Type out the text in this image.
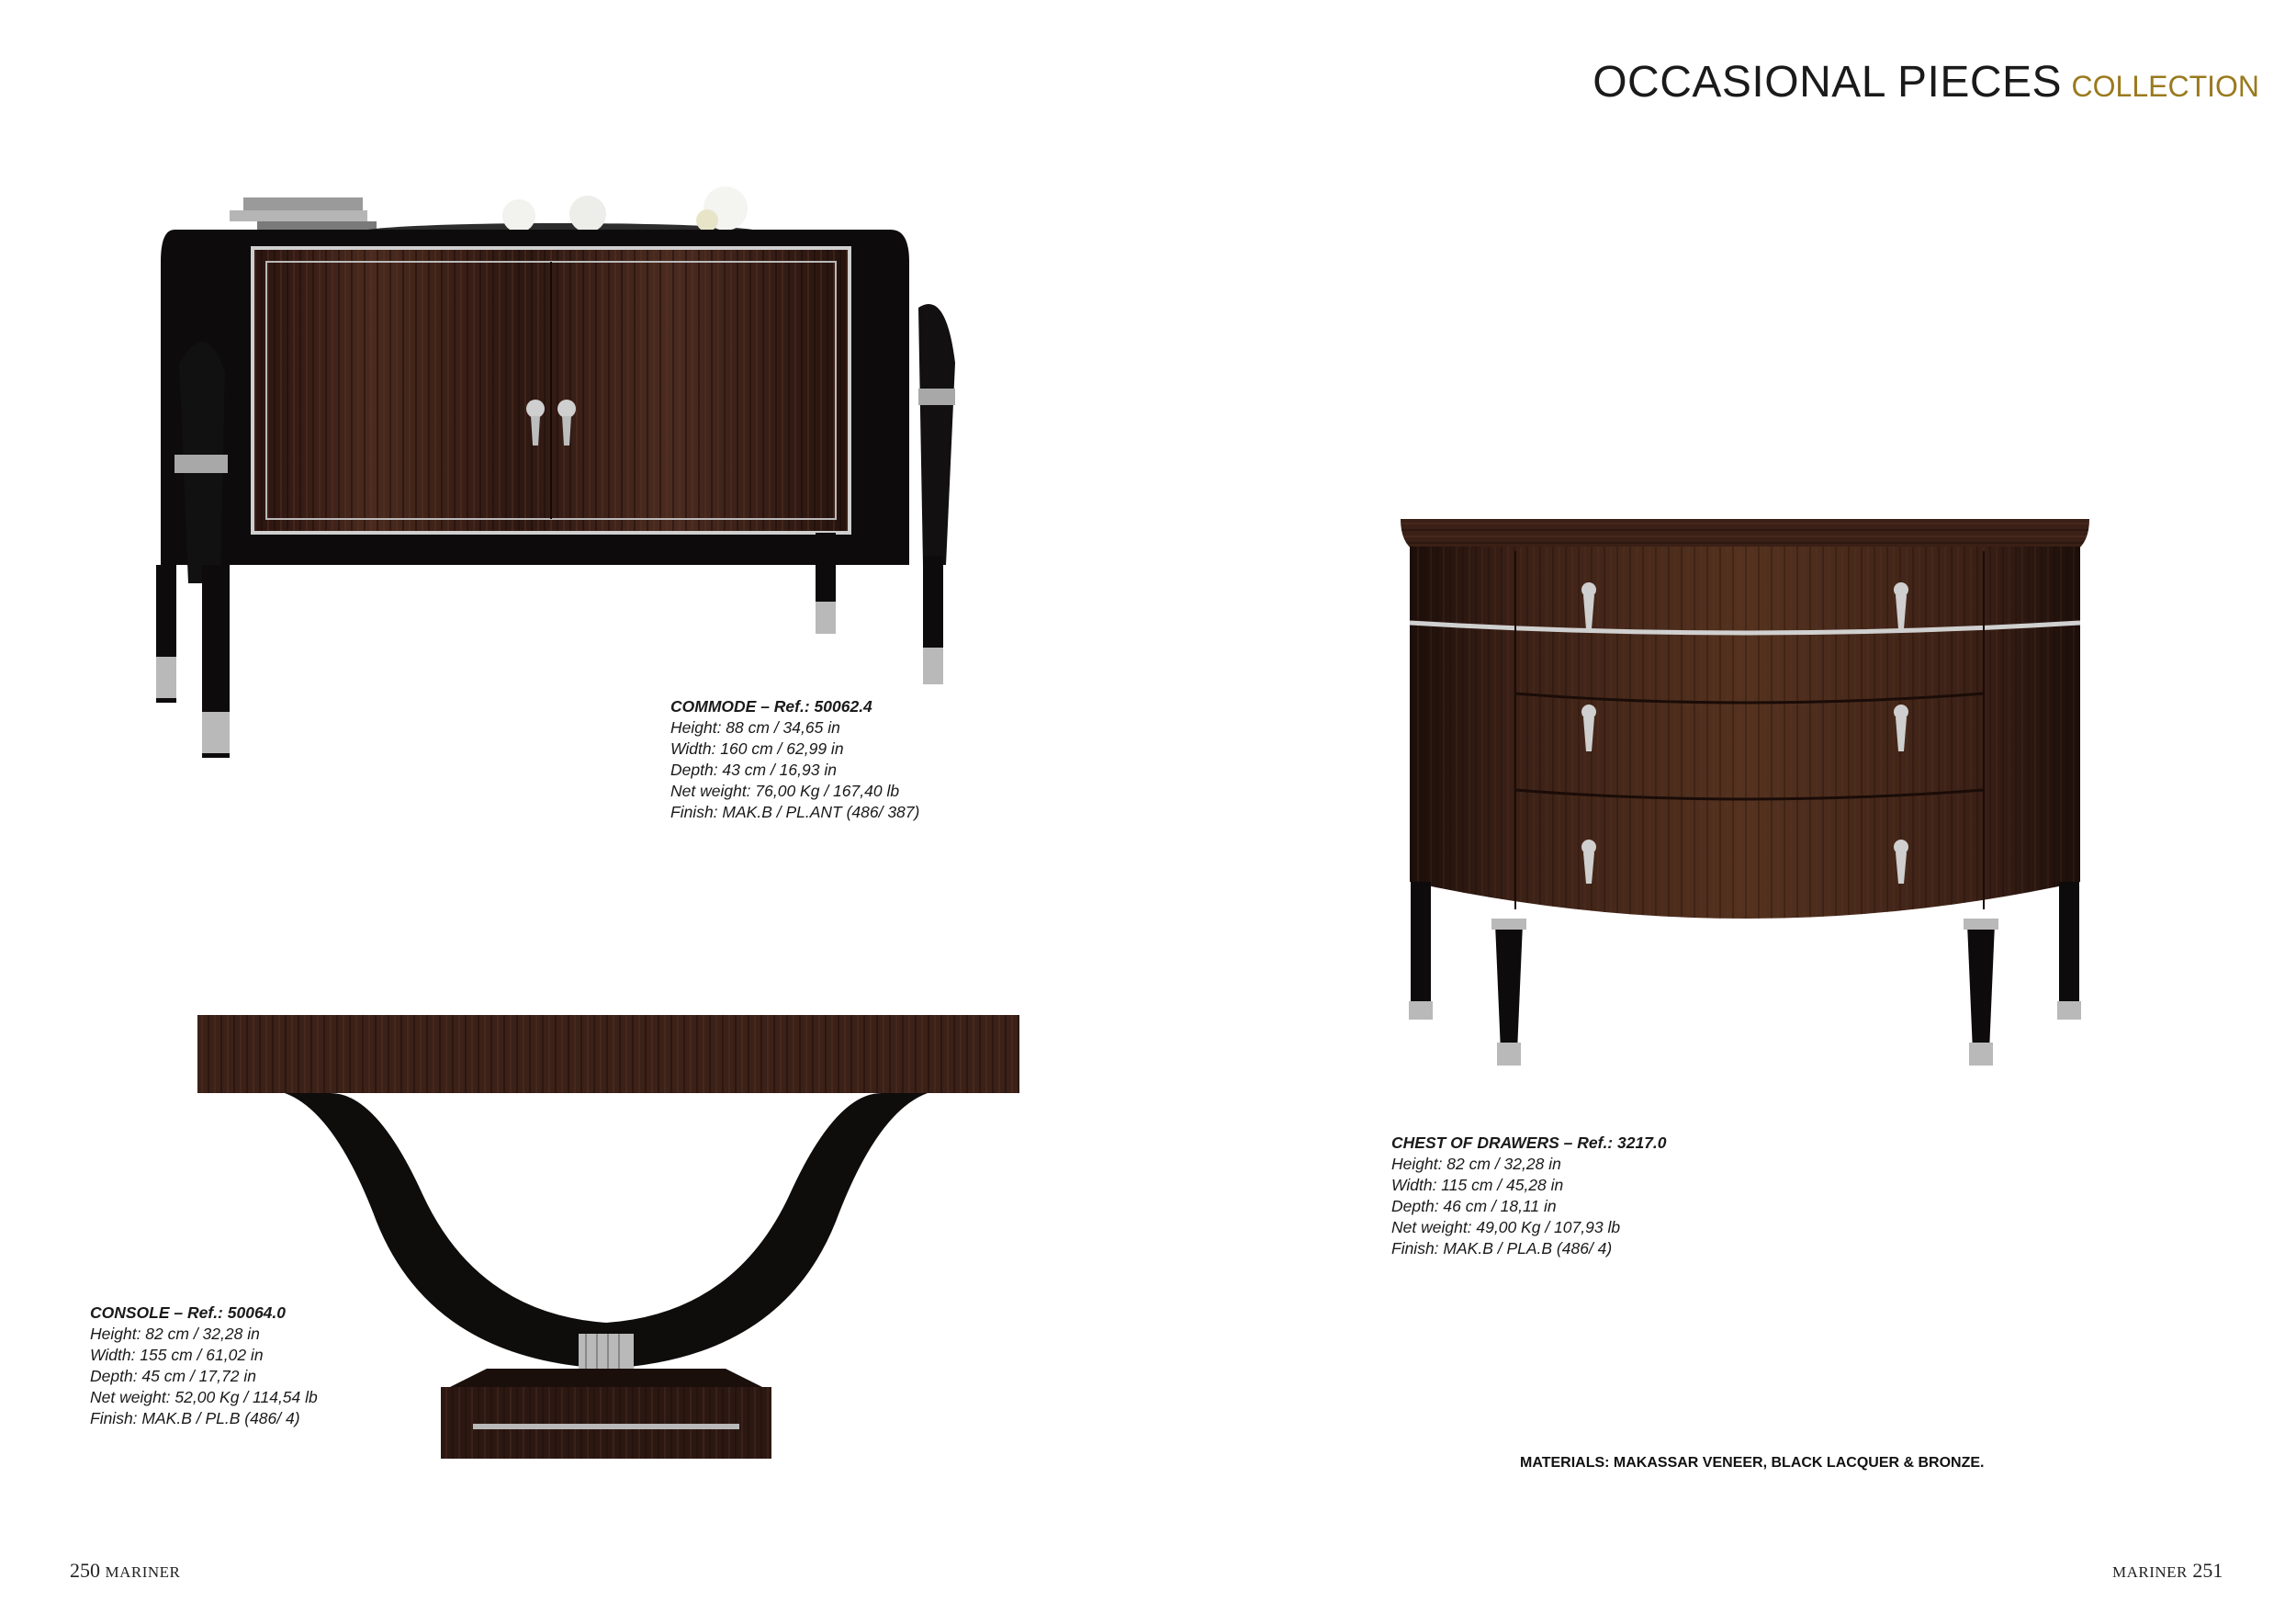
OCCASIONAL PIECES COLLECTION
COMMODE – Ref.: 50062.4
Height: 88 cm / 34,65 in
Width: 160 cm / 62,99 in
Depth: 43 cm / 16,93 in
Net weight: 76,00 Kg / 167,40 lb
Finish: MAK.B / PL.ANT (486/ 387)
CHEST OF DRAWERS – Ref.: 3217.0
Height: 82 cm / 32,28 in
Width: 115 cm / 45,28 in
Depth: 46 cm / 18,11 in
Net weight: 49,00 Kg / 107,93 lb
Finish: MAK.B / PLA.B (486/ 4)
CONSOLE – Ref.: 50064.0
Height: 82 cm / 32,28 in
Width: 155 cm / 61,02 in
Depth: 45 cm / 17,72 in
Net weight: 52,00 Kg / 114,54 lb
Finish: MAK.B / PL.B (486/ 4)
MATERIALS: MAKASSAR VENEER, BLACK LACQUER & BRONZE.
250 MARINER	MARINER 251
